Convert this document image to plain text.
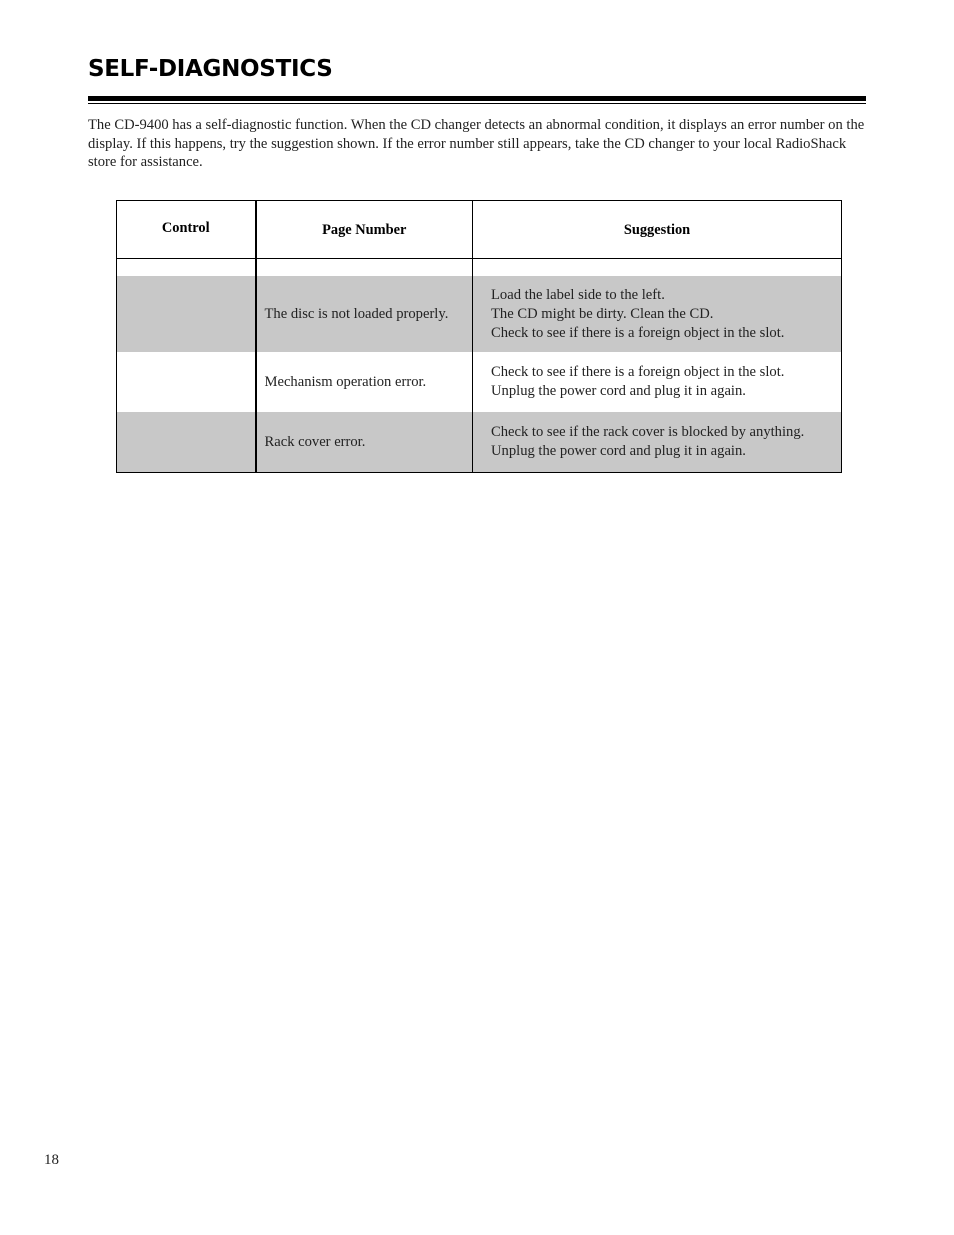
SELF-DIAGNOSTICS

The CD-9400 has a self-diagnostic function. When the CD changer detects an abnormal condition, it displays an error number on the display. If this happens, try the suggestion shown. If the error number still appears, take the CD changer to your local RadioShack store for assistance.

Control	Page Number	Suggestion

	The disc is not loaded properly.	Load the label side to the left.
The CD might be dirty. Clean the CD.
Check to see if there is a foreign object in the slot.

	Mechanism operation error.	Check to see if there is a foreign object in the slot.
Unplug the power cord and plug it in again.

	Rack cover error.	Check to see if the rack cover is blocked by anything.
Unplug the power cord and plug it in again.
18
